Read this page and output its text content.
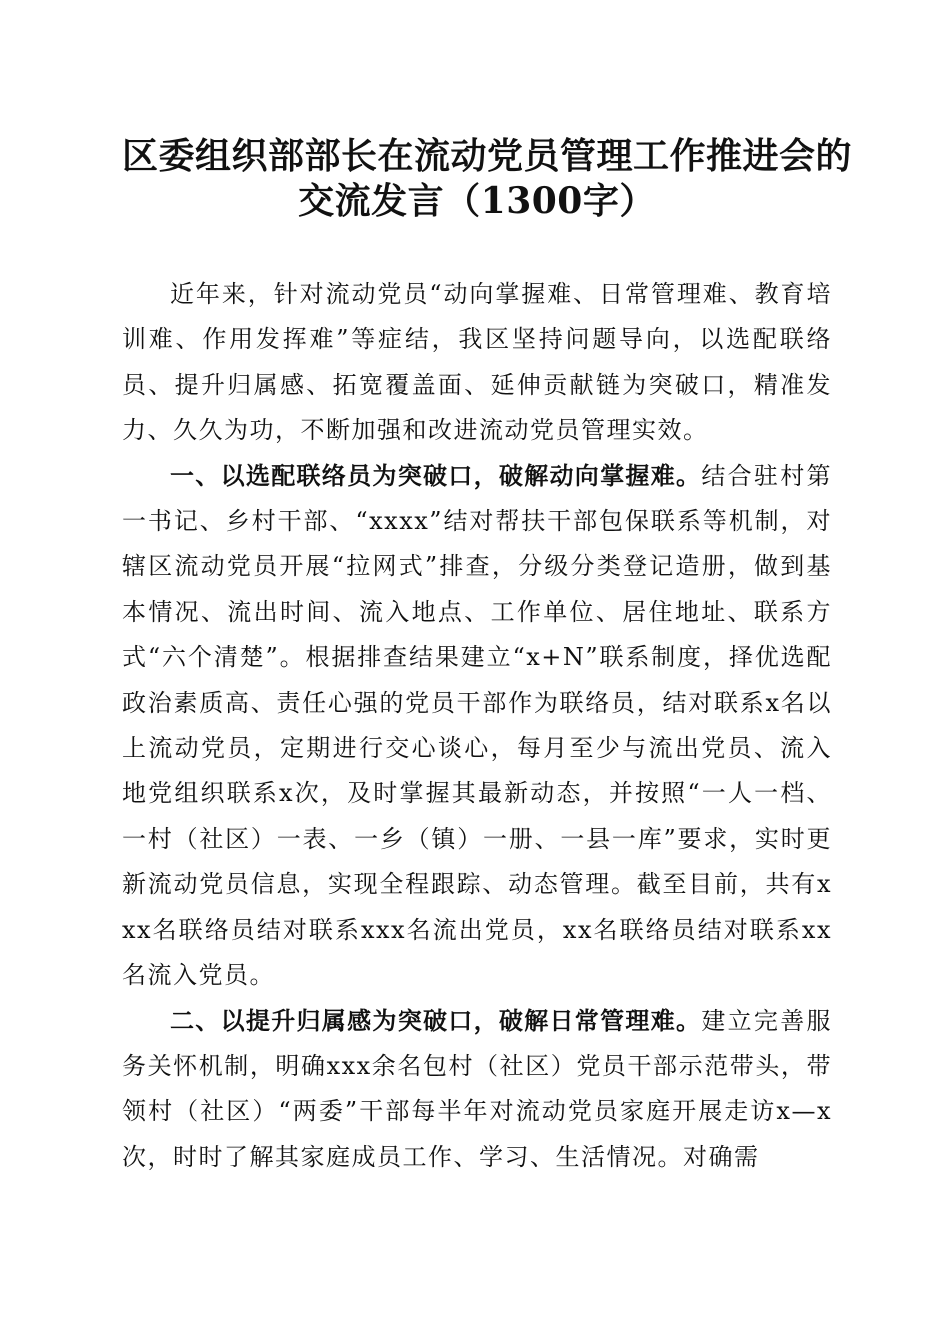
区委组织部部长在流动党员管理工作推进会的
交流发言（1300字）

近年来，针对流动党员“动向掌握难、日常管理难、教育培训难、作用发挥难”等症结，我区坚持问题导向，以选配联络员、提升归属感、拓宽覆盖面、延伸贡献链为突破口，精准发力、久久为功，不断加强和改进流动党员管理实效。

一、以选配联络员为突破口，破解动向掌握难。结合驻村第一书记、乡村干部、“xxxx”结对帮扶干部包保联系等机制，对辖区流动党员开展“拉网式”排查，分级分类登记造册，做到基本情况、流出时间、流入地点、工作单位、居住地址、联系方式“六个清楚”。根据排查结果建立“x+N”联系制度，择优选配政治素质高、责任心强的党员干部作为联络员，结对联系x名以上流动党员，定期进行交心谈心，每月至少与流出党员、流入地党组织联系x次，及时掌握其最新动态，并按照“一人一档、一村（社区）一表、一乡（镇）一册、一县一库”要求，实时更新流动党员信息，实现全程跟踪、动态管理。截至目前，共有xxx名联络员结对联系xxx名流出党员，xx名联络员结对联系xx名流入党员。

二、以提升归属感为突破口，破解日常管理难。建立完善服务关怀机制，明确xxx余名包村（社区）党员干部示范带头，带领村（社区）“两委”干部每半年对流动党员家庭开展走访x—x次，时时了解其家庭成员工作、学习、生活情况。对确需
